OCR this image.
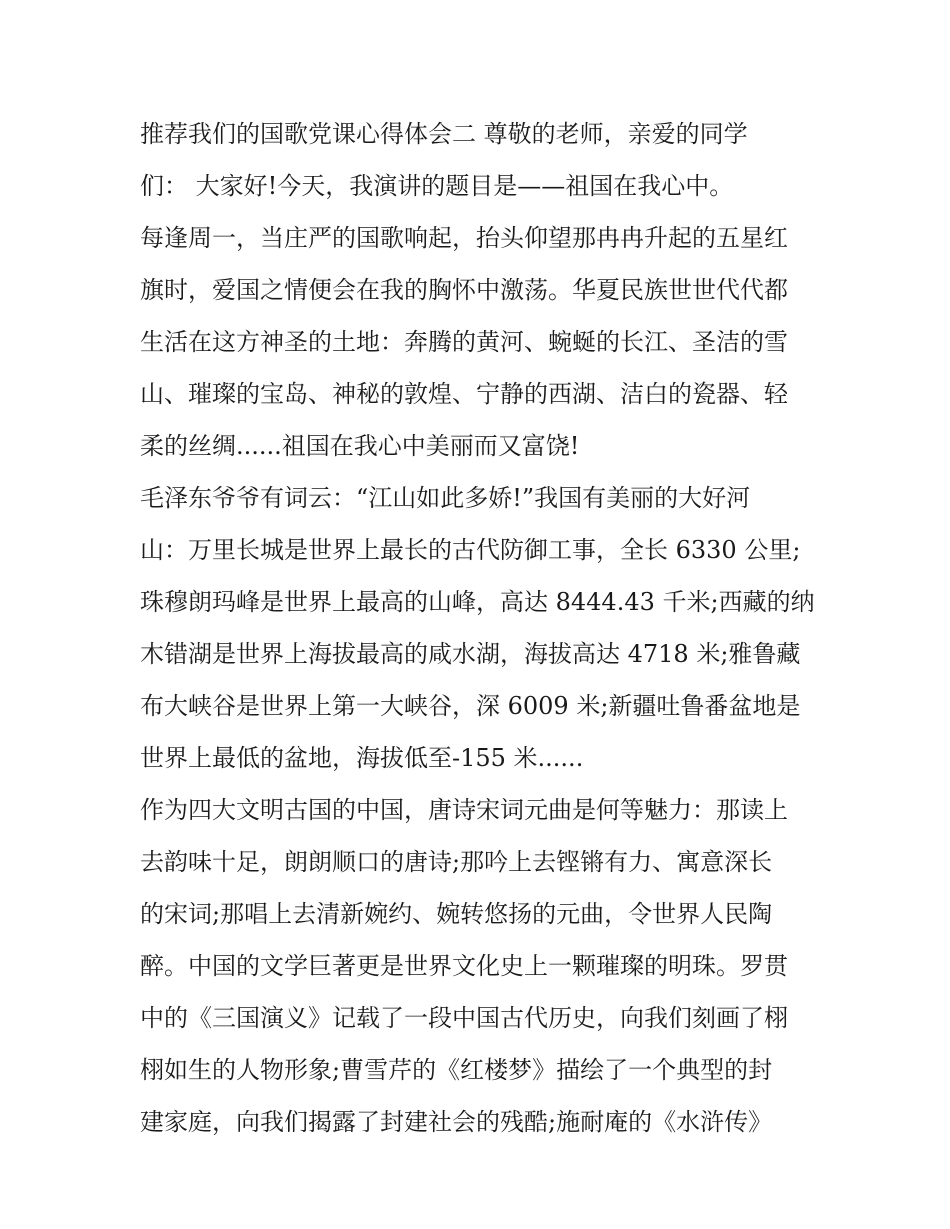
推荐我们的国歌党课心得体会二 尊敬的老师，亲爱的同学
们： 大家好!今天，我演讲的题目是——祖国在我心中。
每逢周一，当庄严的国歌响起，抬头仰望那冉冉升起的五星红
旗时，爱国之情便会在我的胸怀中激荡。华夏民族世世代代都
生活在这方神圣的土地：奔腾的黄河、蜿蜒的长江、圣洁的雪
山、璀璨的宝岛、神秘的敦煌、宁静的西湖、洁白的瓷器、轻
柔的丝绸......祖国在我心中美丽而又富饶!
毛泽东爷爷有词云：“江山如此多娇!”我国有美丽的大好河
山：万里长城是世界上最长的古代防御工事，全长 6330 公里;
珠穆朗玛峰是世界上最高的山峰，高达 8444.43 千米;西藏的纳
木错湖是世界上海拔最高的咸水湖，海拔高达 4718 米;雅鲁藏
布大峡谷是世界上第一大峡谷，深 6009 米;新疆吐鲁番盆地是
世界上最低的盆地，海拔低至-155 米......
作为四大文明古国的中国，唐诗宋词元曲是何等魅力：那读上
去韵味十足，朗朗顺口的唐诗;那吟上去铿锵有力、寓意深长
的宋词;那唱上去清新婉约、婉转悠扬的元曲，令世界人民陶
醉。中国的文学巨著更是世界文化史上一颗璀璨的明珠。罗贯
中的《三国演义》记载了一段中国古代历史，向我们刻画了栩
栩如生的人物形象;曹雪芹的《红楼梦》描绘了一个典型的封
建家庭，向我们揭露了封建社会的残酷;施耐庵的《水浒传》
